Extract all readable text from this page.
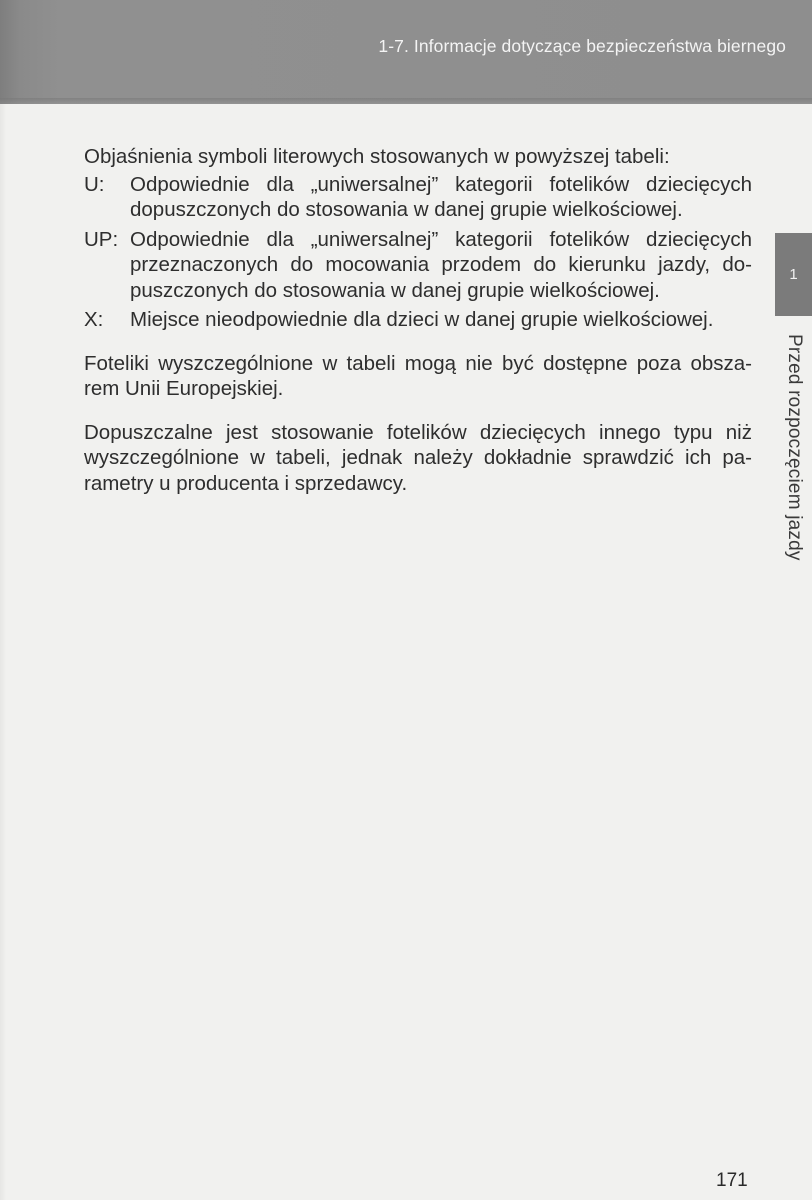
1-7. Informacje dotyczące bezpieczeństwa biernego

Objaśnienia symboli literowych stosowanych w powyższej tabeli:

U:	Odpowiednie dla „uniwersalnej” kategorii fotelików dziecięcych dopuszczonych do stosowania w danej grupie wielkościowej.
UP: Odpowiednie dla „uniwersalnej” kategorii fotelików dziecięcych przeznaczonych do mocowania przodem do kierunku jazdy, do-puszczonych do stosowania w danej grupie wielkościowej.
X:	Miejsce nieodpowiednie dla dzieci w danej grupie wielkościowej.

Foteliki wyszczególnione w tabeli mogą nie być dostępne poza obsza-rem Unii Europejskiej.

Dopuszczalne jest stosowanie fotelików dziecięcych innego typu niż wyszczególnione w tabeli, jednak należy dokładnie sprawdzić ich pa-rametry u producenta i sprzedawcy.

1
Przed rozpoczęciem jazdy
171
